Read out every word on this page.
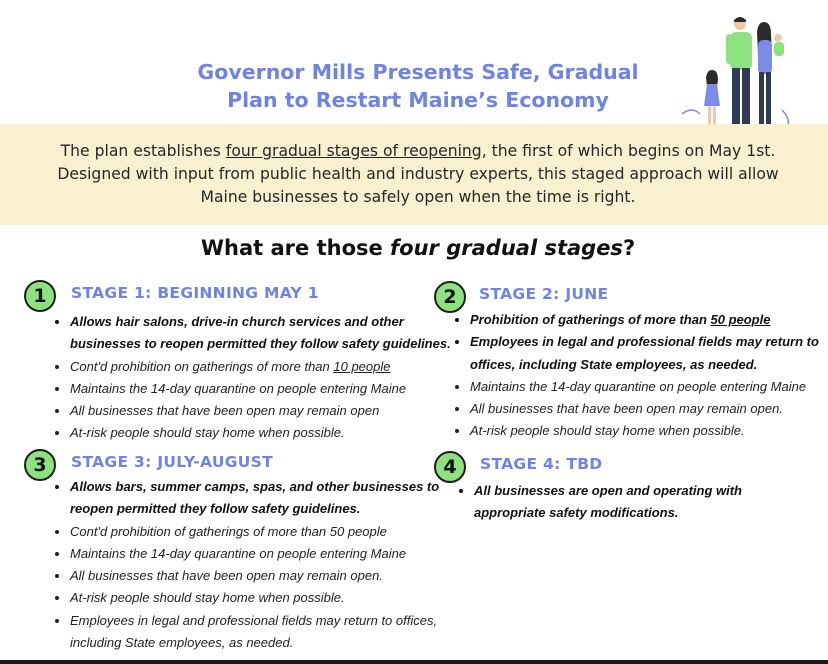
Governor Mills Presents Safe, Gradual
Plan to Restart Maine’s Economy

The plan establishes four gradual stages of reopening, the first of which begins on May 1st. Designed with input from public health and industry experts, this staged approach will allow Maine businesses to safely open when the time is right.

What are those four gradual stages?
1	STAGE 1: BEGINNING MAY 1
• Allows hair salons, drive-in church services and other businesses to reopen permitted they follow safety guidelines.
• Cont'd prohibition on gatherings of more than 10 people
• Maintains the 14-day quarantine on people entering Maine
• All businesses that have been open may remain open
• At-risk people should stay home when possible.
2	STAGE 2: JUNE
• Prohibition of gatherings of more than 50 people
• Employees in legal and professional fields may return to offices, including State employees, as needed.
• Maintains the 14-day quarantine on people entering Maine
• All businesses that have been open may remain open.
• At-risk people should stay home when possible.
3	STAGE 3: JULY-AUGUST
• Allows bars, summer camps, spas, and other businesses to reopen permitted they follow safety guidelines.
• Cont'd prohibition of gatherings of more than 50 people
• Maintains the 14-day quarantine on people entering Maine
• All businesses that have been open may remain open.
• At-risk people should stay home when possible.
• Employees in legal and professional fields may return to offices, including State employees, as needed.
4	STAGE 4: TBD
• All businesses are open and operating with appropriate safety modifications.
